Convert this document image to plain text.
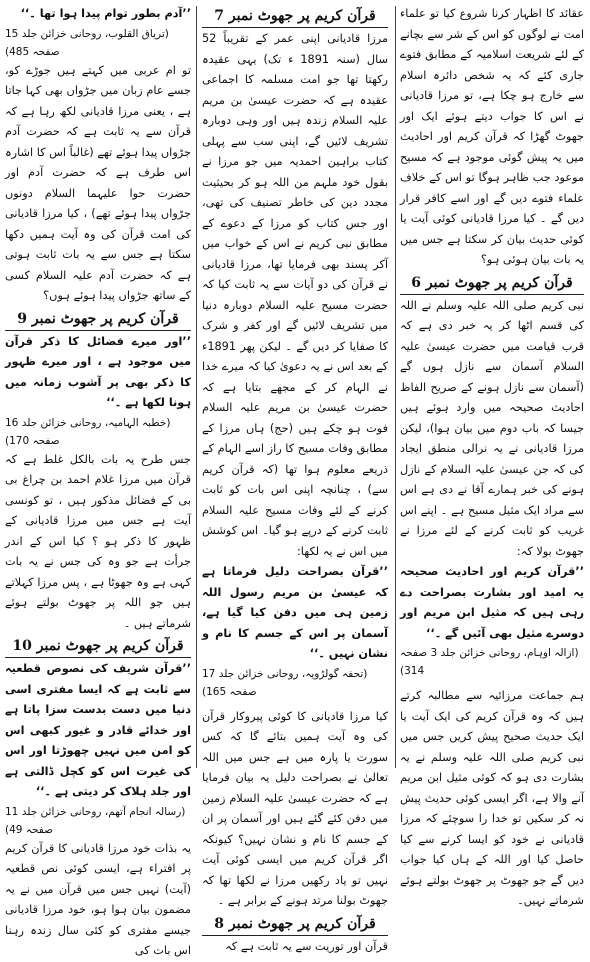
عقائد کا اظہار کرنا شروع کیا تو علماء امت نے لوگوں کو اس کے شر سے بچانے کے لئے شریعت اسلامیہ کے مطابق فتوے جاری کئے کہ یہ شخص دائرہ اسلام سے خارج ہو چکا ہے، تو مرزا قادیانی نے اس کا جواب دیتے ہوئے ایک اور جھوٹ گھڑا کہ قرآن کریم اور احادیث میں یہ پیش گوئی موجود ہے کہ مسیح موعود جب ظاہر ہوگا تو اس کے خلاف علماء فتوے دیں گے اور اسے کافر قرار دیں گے ۔ کیا مرزا قادیانی کوئی آیت یا کوئی حدیث بیان کر سکتا ہے جس میں یہ بات بیان ہوئی ہو؟

قرآن کریم پر جھوٹ نمبر 6

نبی کریم صلی اللہ علیہ وسلم نے اللہ کی قسم اٹھا کر یہ خبر دی ہے کہ قرب قیامت میں حضرت عیسیٰ علیہ السلام آسمان سے نازل ہوں گے (آسمان سے نازل ہونے کے صریح الفاظ احادیث صحیحہ میں وارد ہوئے ہیں جیسا کہ باب دوم میں بیان ہوا)، لیکن مرزا قادیانی نے یہ نرالی منطق ایجاد کی کہ جن عیسیٰ علیہ السلام کے نازل ہونے کی خبر ہمارے آقا نے دی ہے اس سے مراد ایک مثیل مسیح ہے ۔ اپنے اس غریب کو ثابت کرنے کے لئے مرزا نے جھوٹ بولا کہ:

’’قرآن کریم اور احادیث صحیحہ یہ امید اور بشارت بصراحت دے رہی ہیں کہ مثیل ابن مریم اور دوسرے مثیل بھی آئیں گے ۔‘‘

(ازالہ اوہام، روحانی خزائن جلد 3 صفحہ 314)

ہم جماعت مرزائیہ سے مطالبہ کرتے ہیں کہ وہ قرآن کریم کی ایک آیت یا ایک حدیث صحیح پیش کریں جس میں نبی کریم صلی اللہ علیہ وسلم نے یہ بشارت دی ہو کہ کوئی مثیل ابن مریم آنے والا ہے، اگر ایسی کوئی حدیث پیش نہ کر سکیں تو خدا را سوچئے کہ مرزا قادیانی نے خود کو ایسا کرنے سے کیا حاصل کیا اور اللہ کے ہاں کیا جواب دیں گے جو جھوٹ پر جھوٹ بولتے ہوئے شرماتے نہیں۔

قرآن کریم پر جھوٹ نمبر 7

مرزا قادیانی اپنی عمر کے تقریباً 52 سال (سنہ 1891 ء تک) یہی عقیدہ رکھتا تھا جو امت مسلمہ کا اجماعی عقیدہ ہے کہ حضرت عیسیٰ بن مریم علیہ السلام زندہ ہیں اور وہی دوبارہ تشریف لائیں گے، اپنی سب سے پہلی کتاب براہین احمدیہ میں جو مرزا نے بقول خود ملہم من اللہ ہو کر بحیثیت مجدد دین کی خاطر تصنیف کی تھی، اور جس کتاب کو مرزا کے دعوے کے مطابق نبی کریم نے اس کے خواب میں آکر پسند بھی فرمایا تھا، مرزا قادیانی نے قرآن کی دو آیات سے یہ ثابت کیا کہ حضرت مسیح علیہ السلام دوبارہ دنیا میں تشریف لائیں گے اور کفر و شرک کا صفایا کر دیں گے ۔ لیکن پھر 1891ء کے بعد اس نے یہ دعویٰ کیا کہ میرے خدا نے الہام کر کے مجھے بتایا ہے کہ حضرت عیسیٰ بن مریم علیہ السلام فوت ہو چکے ہیں (حج) ہاں مرزا کے مطابق وفات مسیح کا راز اسے الہام کے ذریعے معلوم ہوا تھا (کہ قرآن کریم سے) ، چنانچہ اپنی اس بات کو ثابت کرنے کے لئے وفات مسیح علیہ السلام ثابت کرنے کے درپے ہو گیا۔ اس کوشش میں اس نے یہ لکھا:

’’قرآن بصراحت دلیل فرماتا ہے کہ عیسیٰ بن مریم رسول اللہ زمین ہی میں دفن کیا گیا ہے، آسمان پر اس کے جسم کا نام و نشان نہیں ۔‘‘

(تحفہ گولڑویہ، روحانی خزائن جلد 17 صفحہ 165)

کیا مرزا قادیانی کا کوئی پیروکار قرآن کی وہ آیت ہمیں بتائے گا کہ کس سورت یا پارہ میں ہے جس میں اللہ تعالیٰ نے بصراحت دلیل یہ بیان فرمایا ہے کہ حضرت عیسیٰ علیہ السلام زمین میں دفن کئے گئے ہیں اور آسمان پر ان کے جسم کا نام و نشان نہیں؟ کیونکہ اگر قرآن کریم میں ایسی کوئی آیت نہیں تو یاد رکھیں مرزا نے لکھا تھا کہ جھوٹ بولنا مرتد ہونے کے برابر ہے ۔

قرآن کریم پر جھوٹ نمبر 8

قرآن اور توریت سے یہ ثابت ہے کہ

’’آدم بطور توام پیدا ہوا تھا ۔‘‘

(تریاق القلوب، روحانی خزائن جلد 15 صفحہ 485)

تو ام عربی میں کہتے ہیں جوڑے کو، جسے عام زبان میں جڑواں بھی کہا جاتا ہے ، یعنی مرزا قادیانی لکھ رہا ہے کہ قرآن سے یہ ثابت ہے کہ حضرت آدم جڑواں پیدا ہوئے تھے (غالباً اس کا اشارہ اس طرف ہے کہ حضرت آدم اور حضرت حوا علیہما السلام دونوں جڑواں پیدا ہوئے تھے) ، کیا مرزا قادیانی کی امت قرآن کی وہ آیت ہمیں دکھا سکتا ہے جس سے یہ بات ثابت ہوتی ہے کہ حضرت آدم علیہ السلام کسی کے ساتھ جڑواں پیدا ہوئے ہوں؟

قرآن کریم پر جھوٹ نمبر 9

’’اور میرے فضائل کا ذکر قرآن میں موجود ہے ، اور میرے ظہور کا ذکر بھی پر آشوب زمانہ میں ہونا لکھا ہے ۔‘‘

(خطبہ الہامیہ، روحانی خزائن جلد 16 صفحہ 170)

جس طرح یہ بات بالکل غلط ہے کہ قرآن میں مرزا غلام احمد بن چراغ بی بی کے فضائل مذکور ہیں ، تو کونسی آیت ہے جس میں مرزا قادیانی کے ظہور کا ذکر ہو ؟ کیا اس کے اندر جرأت ہے جو وہ کی جس نے یہ بات کہی ہے وہ جھوٹا ہے ، پس مرزا کہلاتے ہیں جو اللہ پر جھوٹ بولتے ہوئے شرماتے ہیں ۔

قرآن کریم پر جھوٹ نمبر 10

’’قرآن شریف کی نصوص قطعیہ سے ثابت ہے کہ ایسا مفتری اسی دنیا میں دست بدست سزا پاتا ہے اور خدائے قادر و غیور کبھی اس کو امن میں نہیں چھوڑتا اور اس کی غیرت اس کو کچل ڈالتی ہے اور جلد ہلاک کر دیتی ہے ۔‘‘

(رسالہ انجام آتھم، روحانی خزائن جلد 11 صفحہ 49)

یہ بذات خود مرزا قادیانی کا قرآن کریم پر افتراء ہے، ایسی کوئی نص قطعیہ (آیت) نہیں جس میں قرآن میں نے یہ مضمون بیان ہوا ہو، خود مرزا قادیانی جیسے مفتری کو کئی سال زندہ رہنا اس بات کی
